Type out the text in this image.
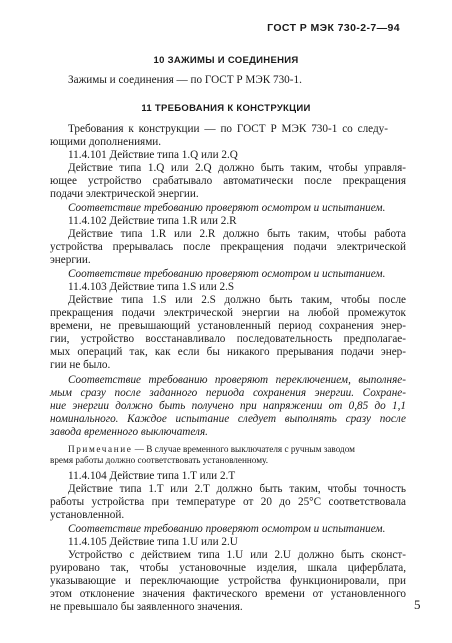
ГОСТ Р МЭК 730-2-7—94
10 ЗАЖИМЫ И СОЕДИНЕНИЯ
Зажимы и соединения — по ГОСТ Р МЭК 730-1.
11 ТРЕБОВАНИЯ К КОНСТРУКЦИИ
Требования к конструкции — по ГОСТ Р МЭК 730-1 со следу-
ющими дополнениями.
11.4.101 Действие типа 1.Q или 2.Q
Действие типа 1.Q или 2.Q должно быть таким, чтобы управля-
ющее устройство срабатывало автоматически после прекращения
подачи электрической энергии.
Соответствие требованию проверяют осмотром и испытанием.
11.4.102 Действие типа 1.R или 2.R
Действие типа 1.R или 2.R должно быть таким, чтобы работа
устройства прерывалась после прекращения подачи электрической
энергии.
Соответствие требованию проверяют осмотром и испытанием.
11.4.103 Действие типа 1.S или 2.S
Действие типа 1.S или 2.S должно быть таким, чтобы после
прекращения подачи электрической энергии на любой промежуток
времени, не превышающий установленный период сохранения энер-
гии, устройство восстанавливало последовательность предполагае-
мых операций так, как если бы никакого прерывания подачи энер-
гии не было.
Соответствие требованию проверяют переключением, выполняе-
мым сразу после заданного периода сохранения энергии. Сохране-
ние энергии должно быть получено при напряжении от 0,85 до 1,1
номинального. Каждое испытание следует выполнять сразу после
завода временного выключателя.
Примечание — В случае временного выключателя с ручным заводом
время работы должно соответствовать установленному.
11.4.104 Действие типа 1.T или 2.T
Действие типа 1.T или 2.T должно быть таким, чтобы точность
работы устройства при температуре от 20 до 25°C соответствовала
установленной.
Соответствие требованию проверяют осмотром и испытанием.
11.4.105 Действие типа 1.U или 2.U
Устройство с действием типа 1.U или 2.U должно быть сконст-
руировано так, чтобы установочные изделия, шкала циферблата,
указывающие и переключающие устройства функционировали, при
этом отклонение значения фактического времени от установленного
не превышало бы заявленного значения.	5
